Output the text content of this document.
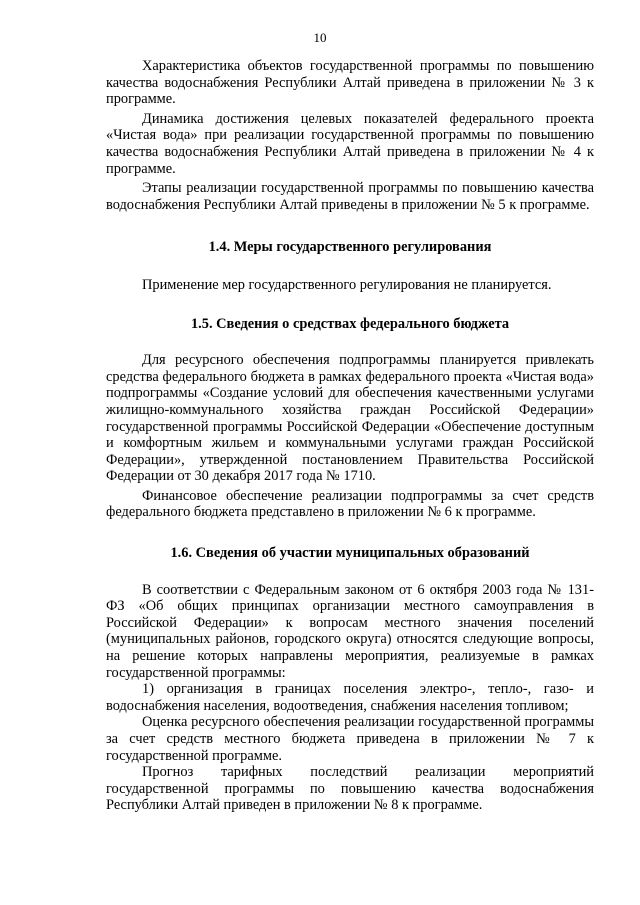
10

Характеристика объектов государственной программы по повышению качества водоснабжения Республики Алтай приведена в приложении № 3 к программе.

Динамика достижения целевых показателей федерального проекта «Чистая вода» при реализации государственной программы по повышению качества водоснабжения Республики Алтай приведена в приложении № 4 к программе.

Этапы реализации государственной программы по повышению качества водоснабжения Республики Алтай приведены в приложении № 5 к программе.

1.4. Меры государственного регулирования

Применение мер государственного регулирования не планируется.

1.5. Сведения о средствах федерального бюджета

Для ресурсного обеспечения подпрограммы планируется привлекать средства федерального бюджета в рамках федерального проекта «Чистая вода» подпрограммы «Создание условий для обеспечения качественными услугами жилищно-коммунального хозяйства граждан Российской Федерации» государственной программы Российской Федерации «Обеспечение доступным и комфортным жильем и коммунальными услугами граждан Российской Федерации», утвержденной постановлением Правительства Российской Федерации от 30 декабря 2017 года № 1710.

Финансовое обеспечение реализации подпрограммы за счет средств федерального бюджета представлено в приложении № 6 к программе.

1.6. Сведения об участии муниципальных образований

В соответствии с Федеральным законом от 6 октября 2003 года № 131-ФЗ «Об общих принципах организации местного самоуправления в Российской Федерации» к вопросам местного значения поселений (муниципальных районов, городского округа) относятся следующие вопросы, на решение которых направлены мероприятия, реализуемые в рамках государственной программы:

1) организация в границах поселения электро-, тепло-, газо- и водоснабжения населения, водоотведения, снабжения населения топливом;

Оценка ресурсного обеспечения реализации государственной программы за счет средств местного бюджета приведена в приложении № 7 к государственной программе.

Прогноз тарифных последствий реализации мероприятий государственной программы по повышению качества водоснабжения Республики Алтай приведен в приложении № 8 к программе.
